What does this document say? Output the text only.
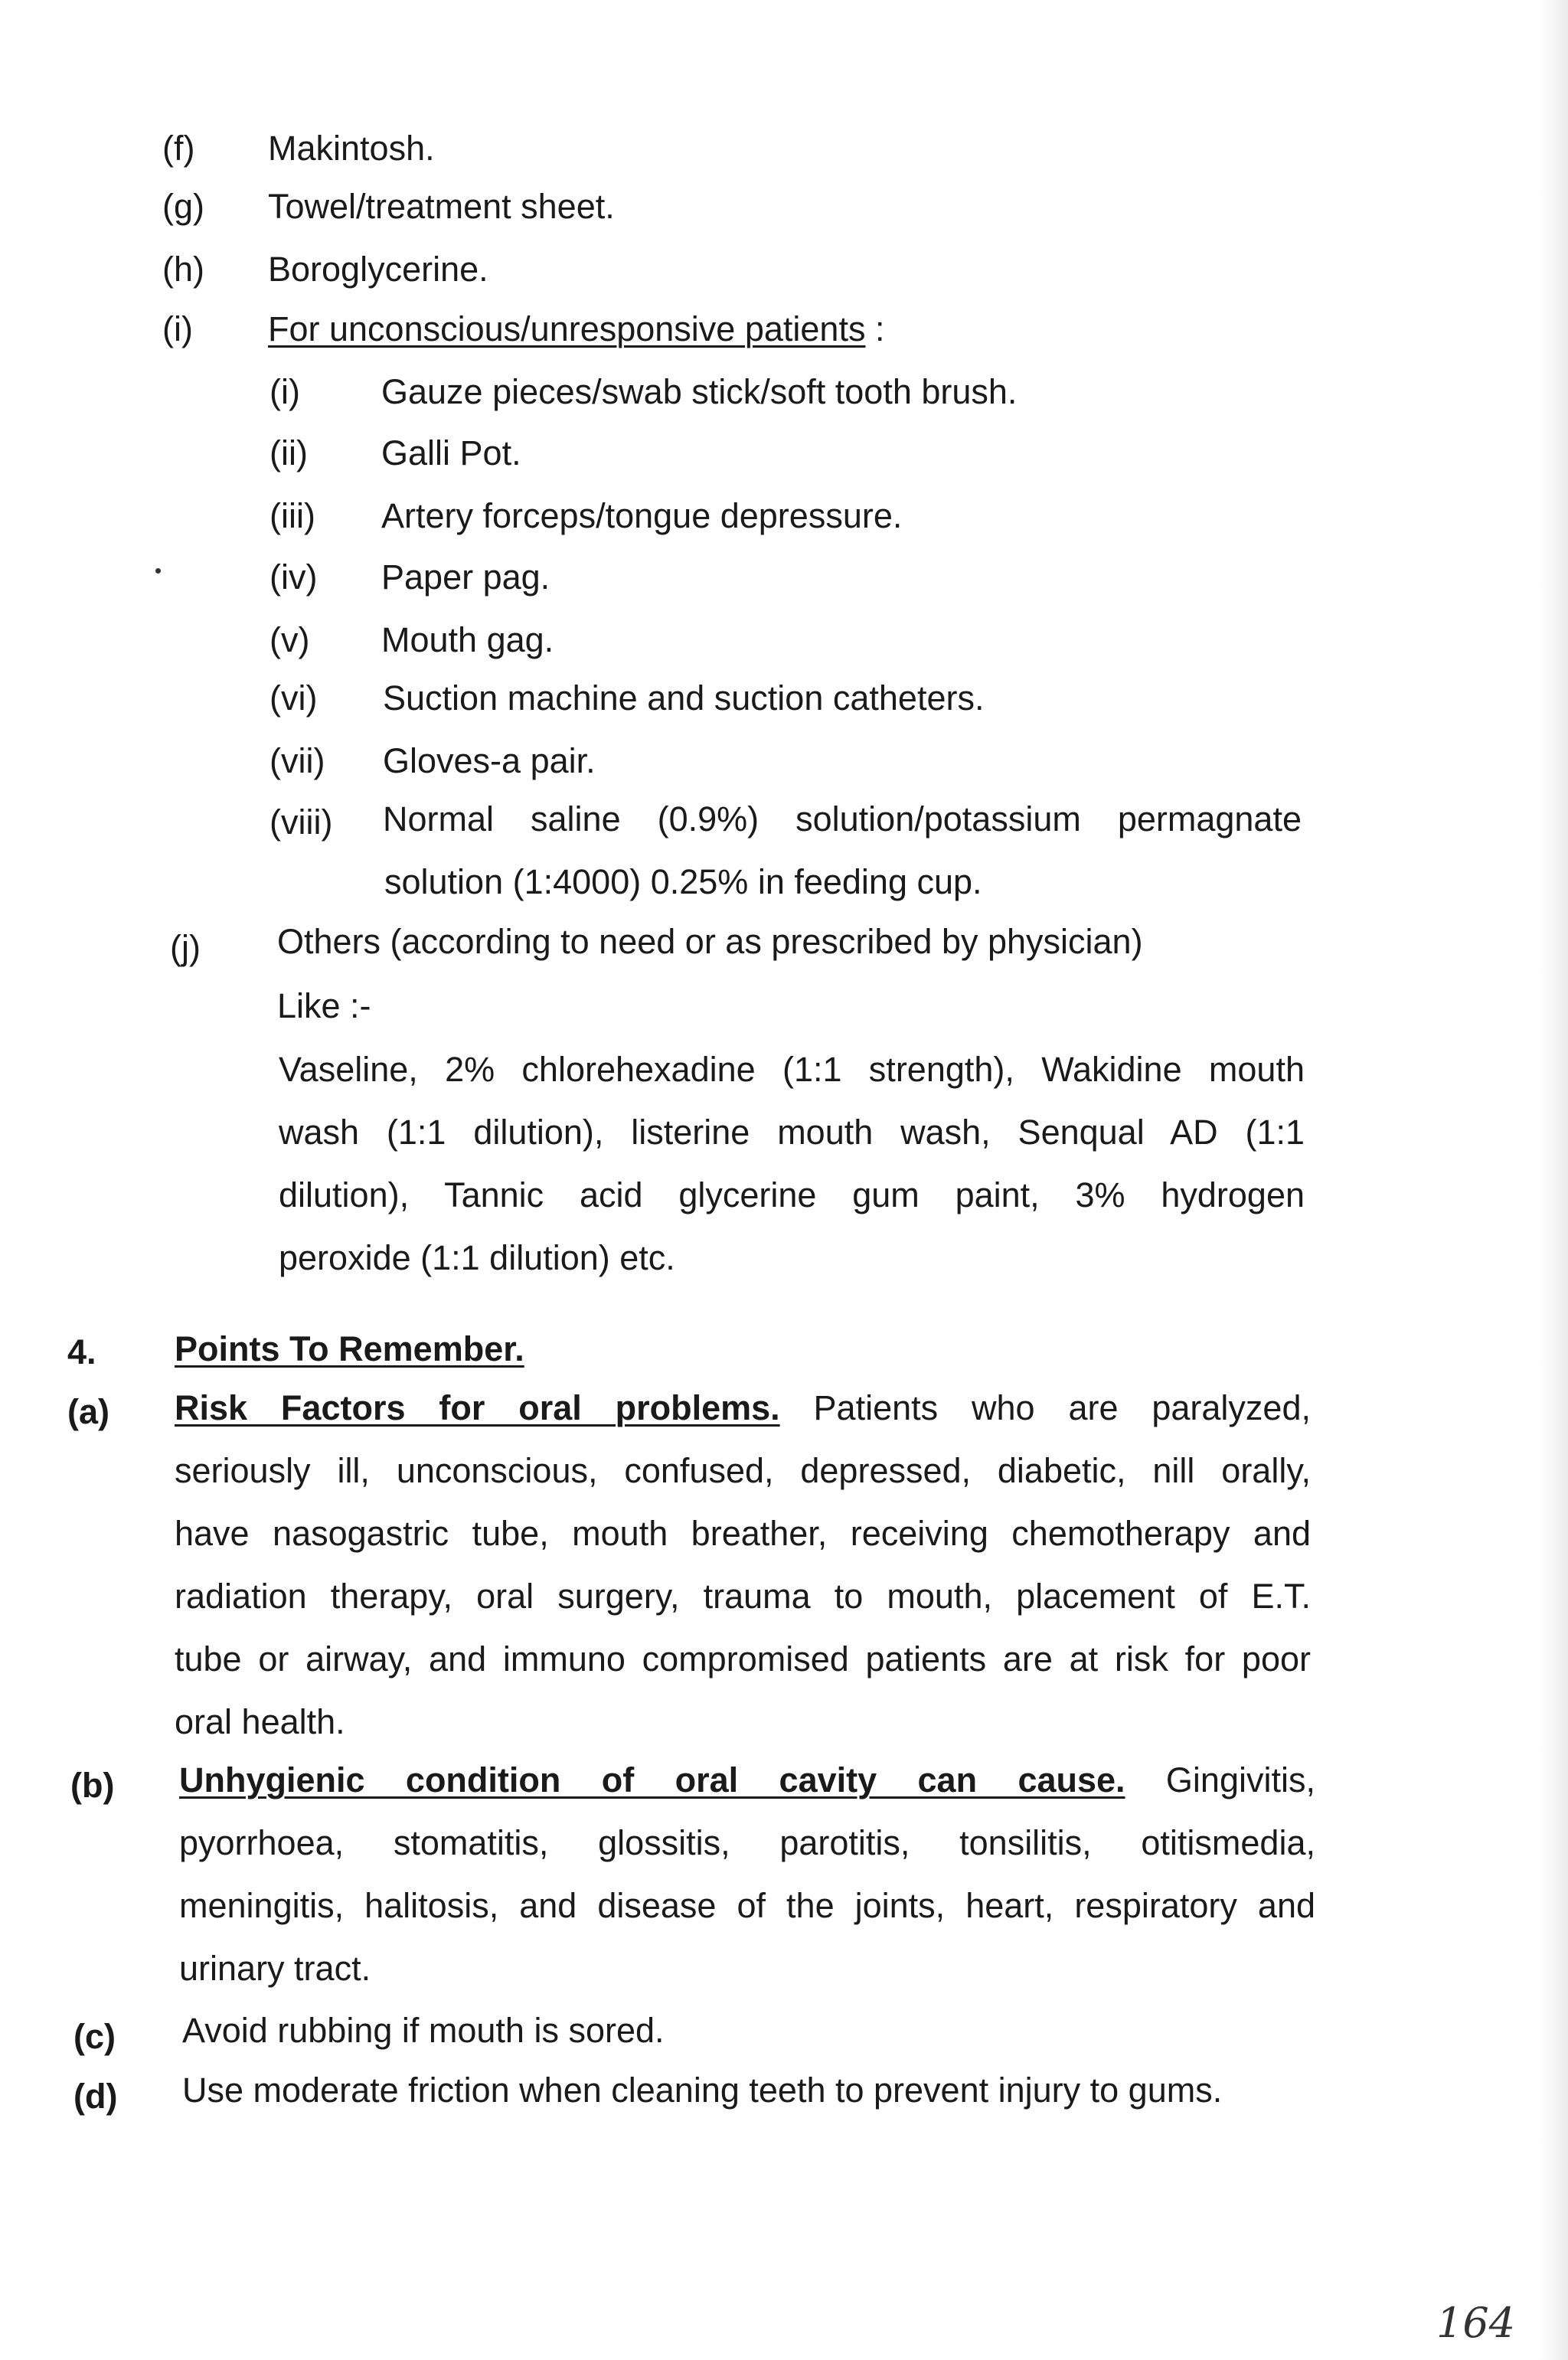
(f) Makintosh.
(g) Towel/treatment sheet.
(h) Boroglycerine.
(i) For unconscious/unresponsive patients :
(i) Gauze pieces/swab stick/soft tooth brush.
(ii) Galli Pot.
(iii) Artery forceps/tongue depressure.
(iv) Paper pag.
(v) Mouth gag.
(vi) Suction machine and suction catheters.
(vii) Gloves-a pair.
(viii) Normal saline (0.9%) solution/potassium permagnate
solution (1:4000) 0.25% in feeding cup.
(j) Others (according to need or as prescribed by physician)
Like :-
Vaseline, 2% chlorehexadine (1:1 strength), Wakidine mouth
wash (1:1 dilution), listerine mouth wash, Senqual AD (1:1
dilution), Tannic acid glycerine gum paint, 3% hydrogen
peroxide (1:1 dilution) etc.
4. Points To Remember.
(a) Risk Factors for oral problems. Patients who are paralyzed,
seriously ill, unconscious, confused, depressed, diabetic, nill orally,
have nasogastric tube, mouth breather, receiving chemotherapy and
radiation therapy, oral surgery, trauma to mouth, placement of E.T.
tube or airway, and immuno compromised patients are at risk for poor
oral health.
(b) Unhygienic condition of oral cavity can cause. Gingivitis,
pyorrhoea, stomatitis, glossitis, parotitis, tonsilitis, otitismedia,
meningitis, halitosis, and disease of the joints, heart, respiratory and
urinary tract.
(c) Avoid rubbing if mouth is sored.
(d) Use moderate friction when cleaning teeth to prevent injury to gums.
164
